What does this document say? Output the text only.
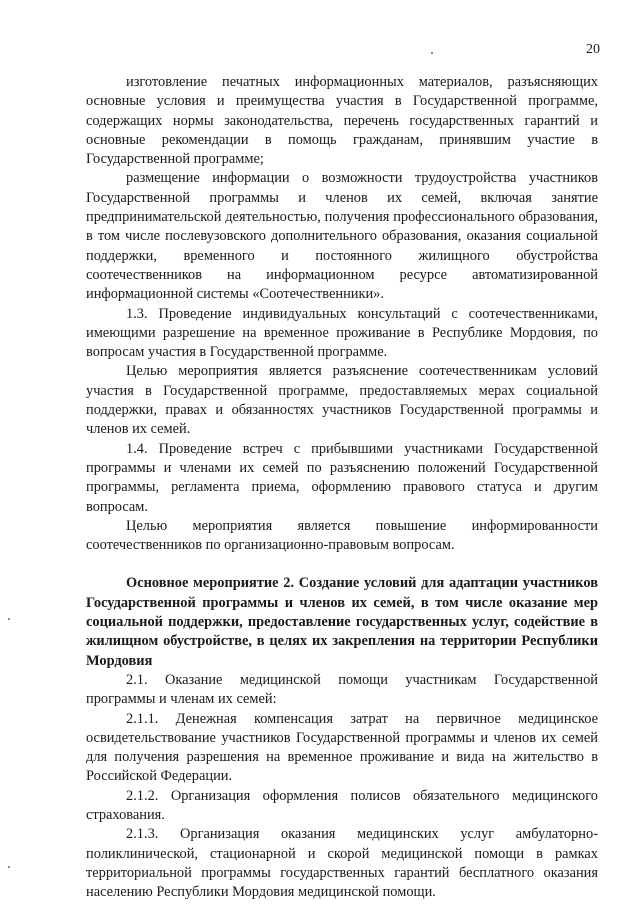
20

изготовление печатных информационных материалов, разъясняющих основные условия и преимущества участия в Государственной программе, содержащих нормы законодательства, перечень государственных гарантий и основные рекомендации в помощь гражданам, принявшим участие в Государственной программе;

размещение информации о возможности трудоустройства участников Государственной программы и членов их семей, включая занятие предпринимательской деятельностью, получения профессионального образования, в том числе послевузовского дополнительного образования, оказания социальной поддержки, временного и постоянного жилищного обустройства соотечественников на информационном ресурсе автоматизированной информационной системы «Соотечественники».

1.3. Проведение индивидуальных консультаций с соотечественниками, имеющими разрешение на временное проживание в Республике Мордовия, по вопросам участия в Государственной программе.

Целью мероприятия является разъяснение соотечественникам условий участия в Государственной программе, предоставляемых мерах социальной поддержки, правах и обязанностях участников Государственной программы и членов их семей.

1.4. Проведение встреч с прибывшими участниками Государственной программы и членами их семей по разъяснению положений Государственной программы, регламента приема, оформлению правового статуса и другим вопросам.

Целью мероприятия является повышение информированности соотечественников по организационно-правовым вопросам.

Основное мероприятие 2. Создание условий для адаптации участников Государственной программы и членов их семей, в том числе оказание мер социальной поддержки, предоставление государственных услуг, содействие в жилищном обустройстве, в целях их закрепления на территории Республики Мордовия

2.1. Оказание медицинской помощи участникам Государственной программы и членам их семей:

2.1.1. Денежная компенсация затрат на первичное медицинское освидетельствование участников Государственной программы и членов их семей для получения разрешения на временное проживание и вида на жительство в Российской Федерации.

2.1.2. Организация оформления полисов обязательного медицинского страхования.

2.1.3. Организация оказания медицинских услуг амбулаторно-поликлинической, стационарной и скорой медицинской помощи в рамках территориальной программы государственных гарантий бесплатного оказания населению Республики Мордовия медицинской помощи.
